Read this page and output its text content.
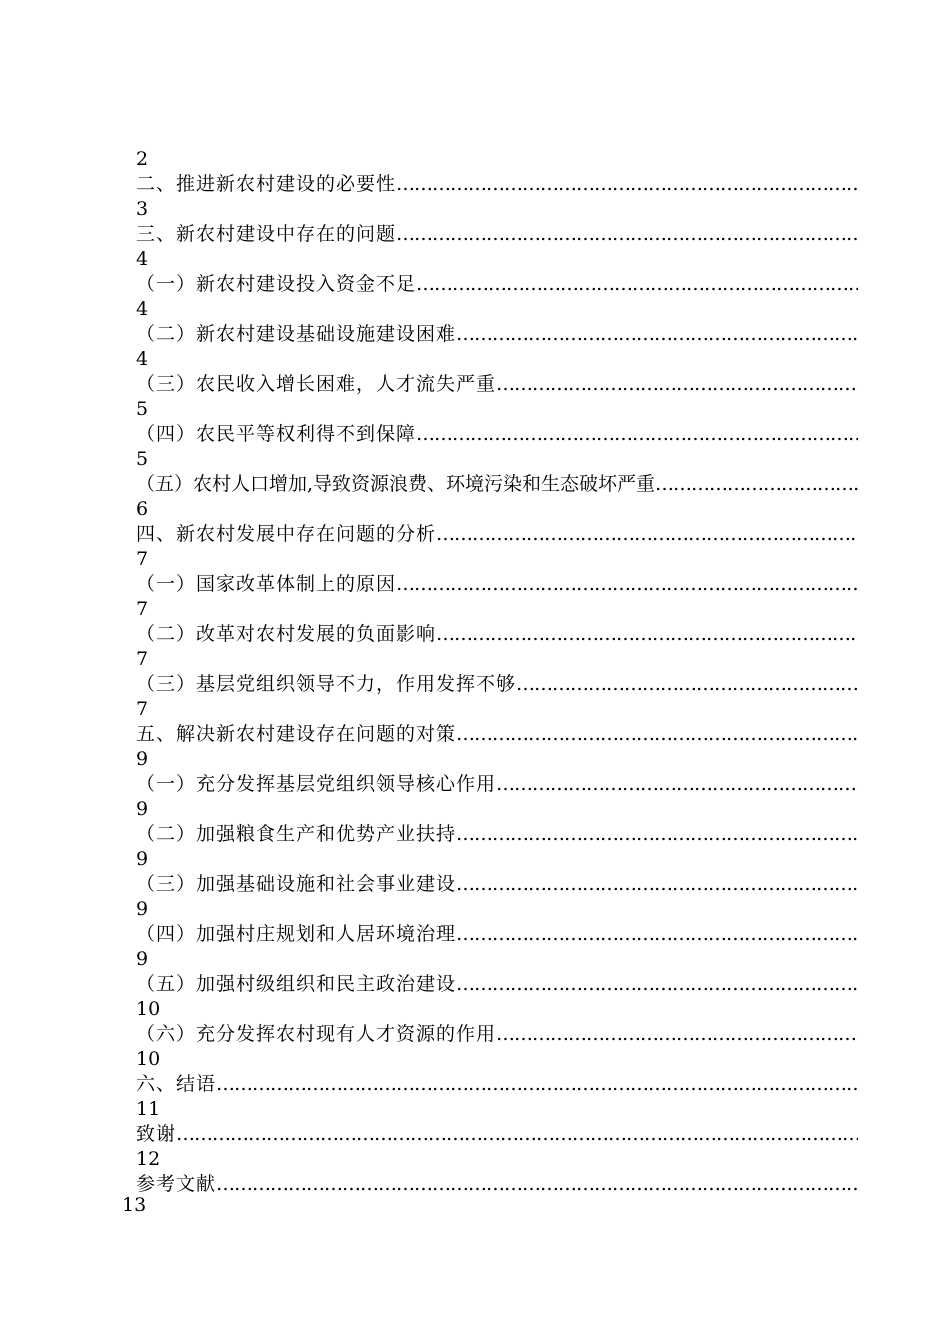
2
二、推进新农村建设的必要性
……………………………………………………………………………………………………………………………………………………………………
3
三、新农村建设中存在的问题
……………………………………………………………………………………………………………………………………………………………………
4
（一）新农村建设投入资金不足
……………………………………………………………………………………………………………………………………………………………………
4
（二）新农村建设基础设施建设困难
……………………………………………………………………………………………………………………………………………………………………
4
（三）农民收入增长困难，人才流失严重
……………………………………………………………………………………………………………………………………………………………………
5
（四）农民平等权利得不到保障
……………………………………………………………………………………………………………………………………………………………………
5
（五）农村人口增加,导致资源浪费、环境污染和生态破坏严重
……………………………………………………………………………………………………………………………………………………………………
6
四、新农村发展中存在问题的分析
……………………………………………………………………………………………………………………………………………………………………
7
（一）国家改革体制上的原因
……………………………………………………………………………………………………………………………………………………………………
7
（二）改革对农村发展的负面影响
……………………………………………………………………………………………………………………………………………………………………
7
（三）基层党组织领导不力，作用发挥不够
……………………………………………………………………………………………………………………………………………………………………
7
五、解决新农村建设存在问题的对策
……………………………………………………………………………………………………………………………………………………………………
9
（一）充分发挥基层党组织领导核心作用
……………………………………………………………………………………………………………………………………………………………………
9
（二）加强粮食生产和优势产业扶持
……………………………………………………………………………………………………………………………………………………………………
9
（三）加强基础设施和社会事业建设
……………………………………………………………………………………………………………………………………………………………………
9
（四）加强村庄规划和人居环境治理
……………………………………………………………………………………………………………………………………………………………………
9
（五）加强村级组织和民主政治建设
……………………………………………………………………………………………………………………………………………………………………
10
（六）充分发挥农村现有人才资源的作用
……………………………………………………………………………………………………………………………………………………………………
10
六、结语
……………………………………………………………………………………………………………………………………………………………………
11
致谢
……………………………………………………………………………………………………………………………………………………………………
12
参考文献
……………………………………………………………………………………………………………………………………………………………………
13
